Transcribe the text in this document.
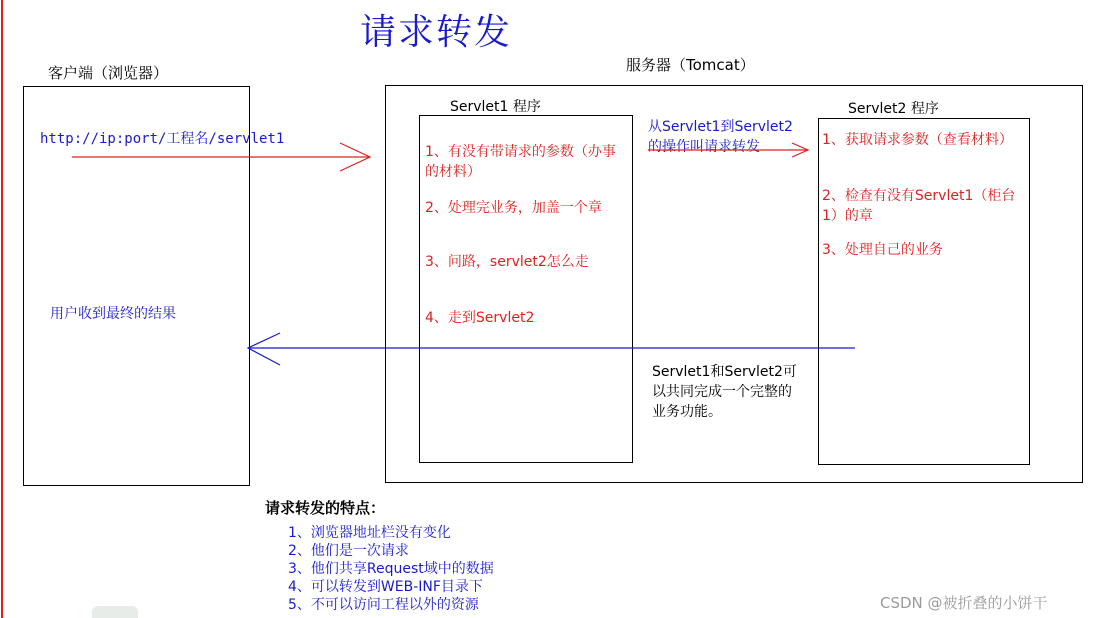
请求转发
客户端（浏览器）
http://ip:port/工程名/servlet1
用户收到最终的结果
服务器（Tomcat）
Servlet1 程序
1、有没有带请求的参数（办事的材料）
2、处理完业务，加盖一个章
3、问路，servlet2怎么走
4、走到Servlet2
从Servlet1到Servlet2的操作叫请求转发
Servlet2 程序
1、获取请求参数（查看材料）
2、检查有没有Servlet1（柜台1）的章
3、处理自己的业务
Servlet1和Servlet2可以共同完成一个完整的业务功能。
请求转发的特点：
1、浏览器地址栏没有变化
2、他们是一次请求
3、他们共享Request域中的数据
4、可以转发到WEB-INF目录下
5、不可以访问工程以外的资源	CSDN @被折叠的小饼干
